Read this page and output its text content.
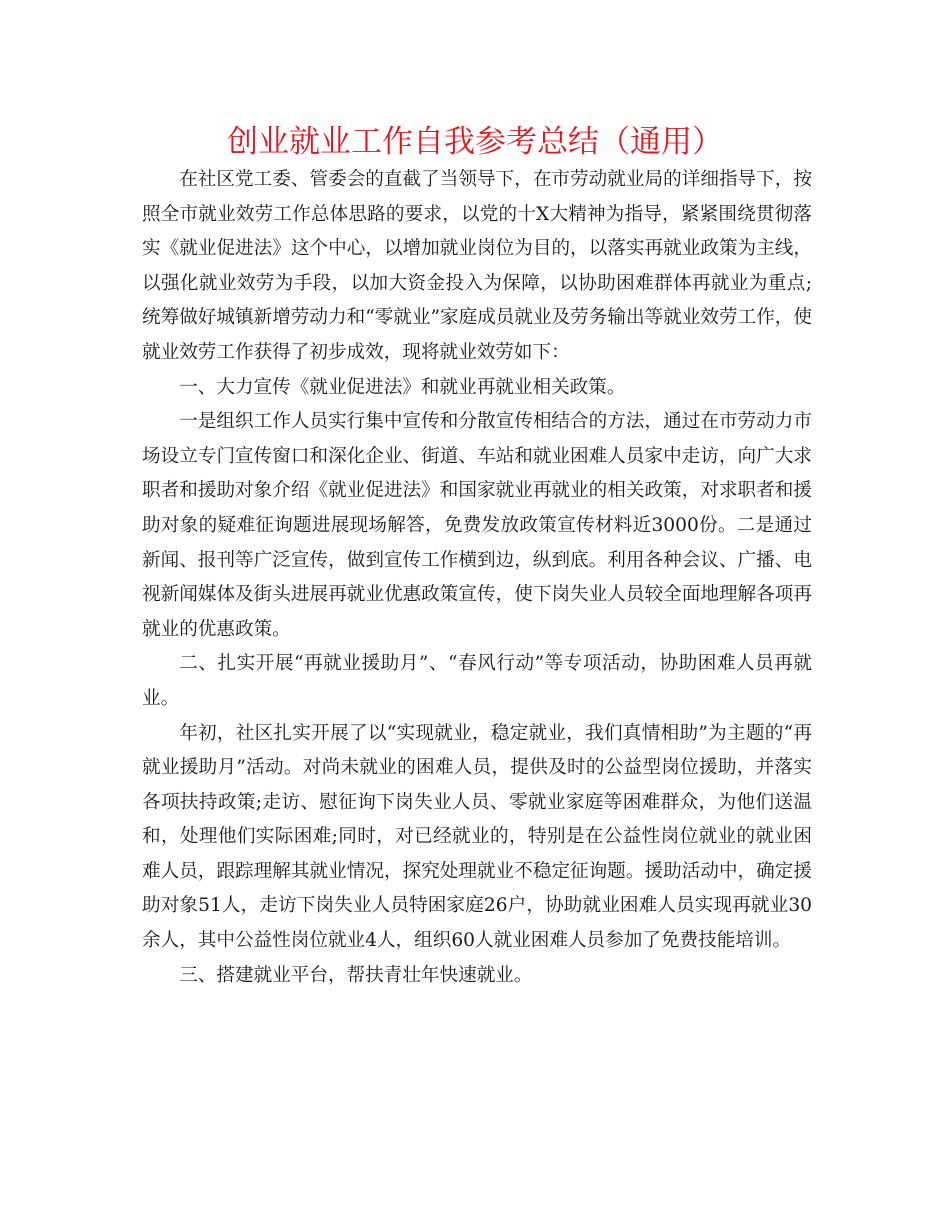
创业就业工作自我参考总结（通用）

在社区党工委、管委会的直截了当领导下，在市劳动就业局的详细指导下，按照全市就业效劳工作总体思路的要求，以党的十X大精神为指导，紧紧围绕贯彻落实《就业促进法》这个中心，以增加就业岗位为目的，以落实再就业政策为主线，以强化就业效劳为手段，以加大资金投入为保障，以协助困难群体再就业为重点;统筹做好城镇新增劳动力和“零就业”家庭成员就业及劳务输出等就业效劳工作，使就业效劳工作获得了初步成效，现将就业效劳如下：

一、大力宣传《就业促进法》和就业再就业相关政策。

一是组织工作人员实行集中宣传和分散宣传相结合的方法，通过在市劳动力市场设立专门宣传窗口和深化企业、街道、车站和就业困难人员家中走访，向广大求职者和援助对象介绍《就业促进法》和国家就业再就业的相关政策，对求职者和援助对象的疑难征询题进展现场解答，免费发放政策宣传材料近3000份。二是通过新闻、报刊等广泛宣传，做到宣传工作横到边，纵到底。利用各种会议、广播、电视新闻媒体及街头进展再就业优惠政策宣传，使下岗失业人员较全面地理解各项再就业的优惠政策。

二、扎实开展“再就业援助月”、“春风行动”等专项活动，协助困难人员再就业。

年初，社区扎实开展了以“实现就业，稳定就业，我们真情相助”为主题的“再就业援助月”活动。对尚未就业的困难人员，提供及时的公益型岗位援助，并落实各项扶持政策;走访、慰征询下岗失业人员、零就业家庭等困难群众，为他们送温和，处理他们实际困难;同时，对已经就业的，特别是在公益性岗位就业的就业困难人员，跟踪理解其就业情况，探究处理就业不稳定征询题。援助活动中，确定援助对象51人，走访下岗失业人员特困家庭26户，协助就业困难人员实现再就业30余人，其中公益性岗位就业4人，组织60人就业困难人员参加了免费技能培训。

三、搭建就业平台，帮扶青壮年快速就业。
